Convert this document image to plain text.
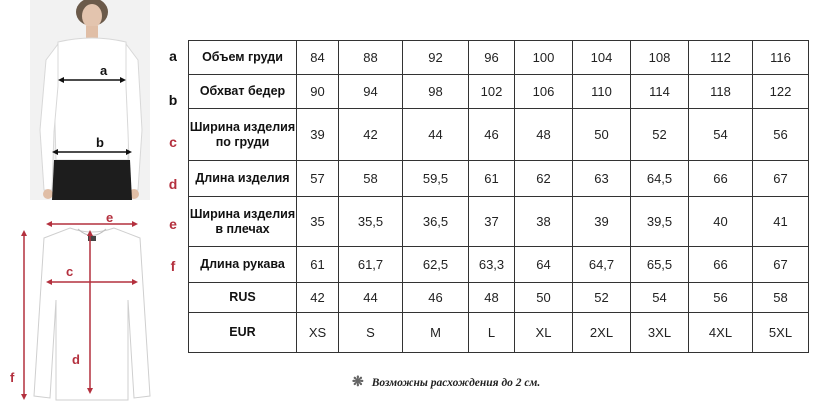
a
b
e
c
d
f
a
b
c
d
e
f
Объем груди	84	88	92	96	100	104	108	112	116
Обхват бедер	90	94	98	102	106	110	114	118	122
Ширина изделия по груди	39	42	44	46	48	50	52	54	56
Длина изделия	57	58	59,5	61	62	63	64,5	66	67
Ширина изделия в плечах	35	35,5	36,5	37	38	39	39,5	40	41
Длина рукава	61	61,7	62,5	63,3	64	64,7	65,5	66	67
RUS	42	44	46	48	50	52	54	56	58
EUR	XS	S	M	L	XL	2XL	3XL	4XL	5XL
❋ Возможны расхождения до 2 см.
